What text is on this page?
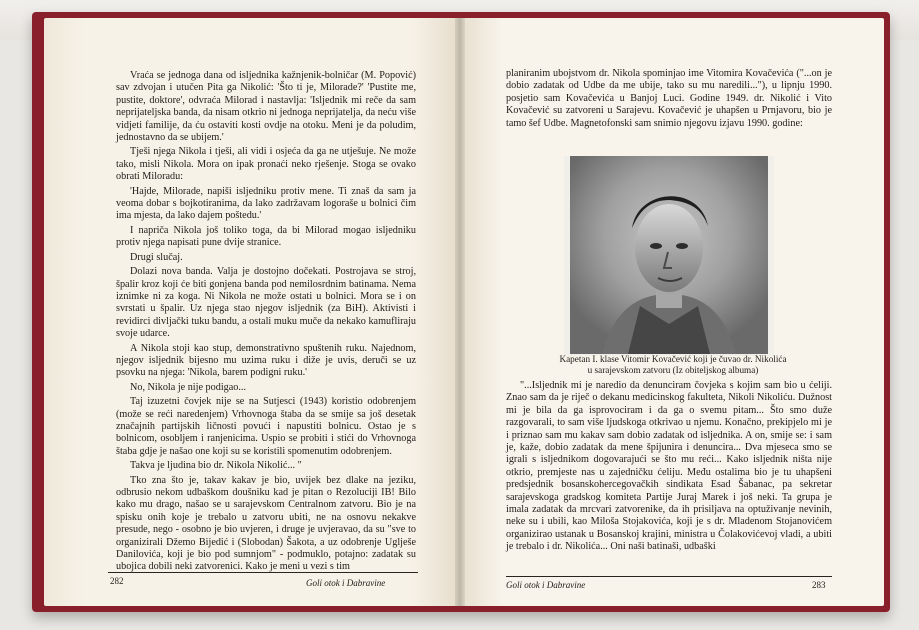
Vraća se jednoga dana od isljednika kažnjenik-bolničar (M. Popović) sav zdvojan i utučen Pita ga Nikolić: 'Što ti je, Milorade?' 'Pustite me, pustite, doktore', odvraća Milorad i nastavlja: 'Isljednik mi reče da sam neprijateljska banda, da nisam otkrio ni jednoga neprijatelja, da neću više vidjeti familije, da ću ostaviti kosti ovdje na otoku. Meni je da poludim, jednostavno da se ubijem.'

Tješi njega Nikola i tješi, ali vidi i osjeća da ga ne utješuje. Ne može tako, misli Nikola. Mora on ipak pronaći neko rješenje. Stoga se ovako obrati Miloradu:

'Hajde, Milorade, napiši isljedniku protiv mene. Ti znaš da sam ja veoma dobar s bojkotiranima, da lako zadržavam logoraše u bolnici čim ima mjesta, da lako dajem poštedu.'

I napriča Nikola još toliko toga, da bi Milorad mogao isljedniku protiv njega napisati pune dvije stranice.

Drugi slučaj.

Dolazi nova banda. Valja je dostojno dočekati. Postrojava se stroj, špalir kroz koji će biti gonjena banda pod nemilosrdnim batinama. Nema iznimke ni za koga. Ni Nikola ne može ostati u bolnici. Mora se i on svrstati u špalir. Uz njega stao njegov isljednik (za BiH). Aktivisti i revidirci divljački tuku bandu, a ostali muku muče da nekako kamufliraju svoje udarce.

A Nikola stoji kao stup, demonstrativno spuštenih ruku. Najednom, njegov isljednik bijesno mu uzima ruku i diže je uvis, deruči se uz psovku na njega: 'Nikola, barem podigni ruku.'

No, Nikola je nije podigao...

Taj izuzetni čovjek nije se na Sutjesci (1943) koristio odobrenjem (može se reći naredenjem) Vrhovnoga štaba da se smije sa još desetak značajnih partijskih ličnosti povući i napustiti bolnicu. Ostao je s bolnicom, osobljem i ranjenicima. Uspio se probiti i stići do Vrhovnoga štaba gdje je našao one koji su se koristili spomenutim odobrenjem.

Takva je ljudina bio dr. Nikola Nikolić... "

Tko zna što je, takav kakav je bio, uvijek bez dlake na jeziku, odbrusio nekom udbaškom doušniku kad je pitan o Rezoluciji IB! Bilo kako mu drago, našao se u sarajevskom Centralnom zatvoru. Bio je na spisku onih koje je trebalo u zatvoru ubiti, ne na osnovu nekakve presude, nego - osobno je bio uvjeren, i druge je uvjeravao, da su "sve to organizirali Džemo Bijedić i (Slobodan) Šakota, a uz odobrenje Uglješe Danilovića, koji je bio pod sumnjom" - podmuklo, potajno: zadatak su ubojica dobili neki zatvorenici. Kako je meni u vezi s tim

282	Goli otok i Dabravine

planiranim ubojstvom dr. Nikola spominjao ime Vitomira Kovačevića ("...on je dobio zadatak od Udbe da me ubije, tako su mu naredili..."), u lipnju 1990. posjetio sam Kovačevića u Banjoj Luci. Godine 1949. dr. Nikolić i Vito Kovačević su zatvoreni u Sarajevu. Kovačević je uhapšen u Prnjavoru, bio je tamo šef Udbe. Magnetofonski sam snimio njegovu izjavu 1990. godine:

Kapetan I. klase Vitomir Kovačević koji je čuvao dr. Nikolića
u sarajevskom zatvoru (Iz obiteljskog albuma)

"...Isljednik mi je naredio da denunciram čovjeka s kojim sam bio u ćeliji. Znao sam da je riječ o dekanu medicinskog fakulteta, Nikoli Nikoliću. Dužnost mi je bila da ga isprovociram i da ga o svemu pitam... Što smo duže razgovarali, to sam više ljudskoga otkrivao u njemu. Konačno, prekipjelo mi je i priznao sam mu kakav sam dobio zadatak od isljednika. A on, smije se: i sam je, kaže, dobio zadatak da mene špijunira i denuncira... Dva mjeseca smo se igrali s isljednikom dogovarajući se što mu reći... Kako isljednik ništa nije otkrio, premjeste nas u zajedničku ćeliju. Među ostalima bio je tu uhapšeni predsjednik bosanskohercegovačkih sindikata Esad Šabanac, pa sekretar sarajevskoga gradskog komiteta Partije Juraj Marek i još neki. Ta grupa je imala zadatak da mrcvari zatvorenike, da ih prisiljava na optuživanje nevinih, neke su i ubili, kao Miloša Stojakovića, koji je s dr. Mladenom Stojanovićem organizirao ustanak u Bosanskoj krajini, ministra u Čolakovićevoj vladi, a ubiti je trebalo i dr. Nikolića... Oni naši batinaši, udbaški

Goli otok i Dabravine	283
